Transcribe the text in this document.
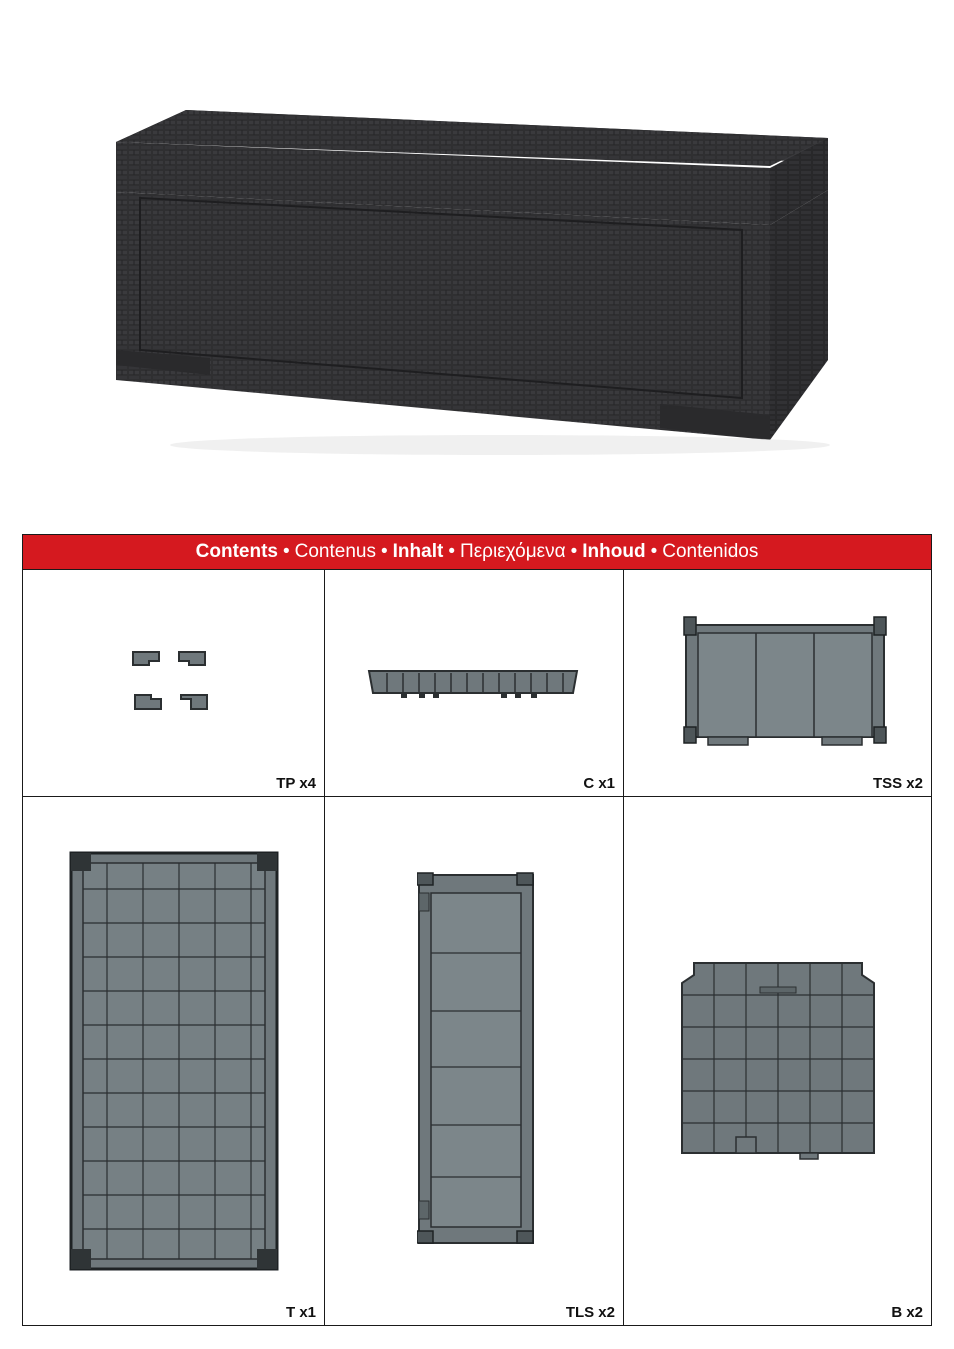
Contents • Contenus • Inhalt • Περιεχόμενα • Inhoud • Contenidos
TP x4	C x1	TSS x2
T x1	TLS x2	B x2
